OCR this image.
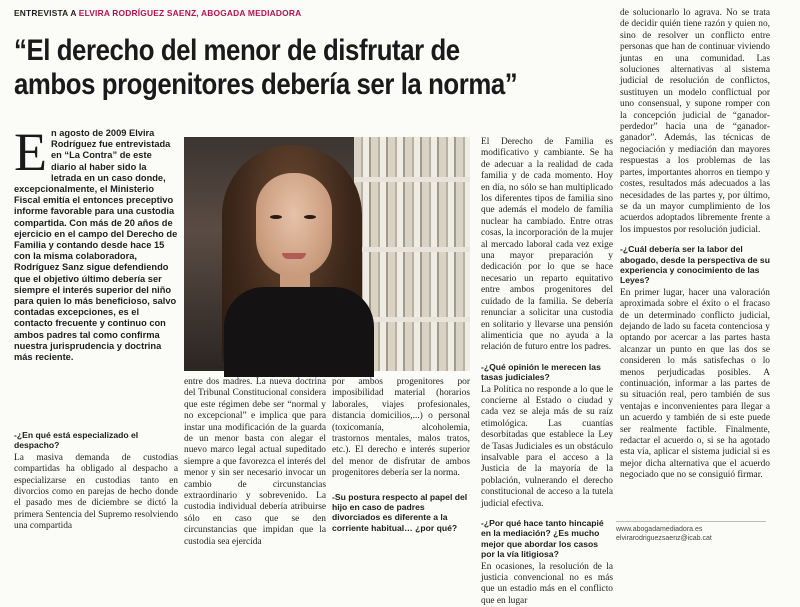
ENTREVISTA A ELVIRA RODRÍGUEZ SAENZ, ABOGADA MEDIADORA
“El derecho del menor de disfrutar de
ambos progenitores debería ser la norma”
En agosto de 2009 Elvira Rodríguez fue entrevistada en “La Contra” de este diario al haber sido la letrada en un caso donde, excepcionalmente, el Ministerio Fiscal emitía el entonces preceptivo informe favorable para una custodia compartida. Con más de 20 años de ejercicio en el campo del Derecho de Familia y contando desde hace 15 con la misma colaboradora, Rodríguez Sanz sigue defendiendo que el objetivo último debería ser siempre el interés superior del niño para quien lo más beneficioso, salvo contadas excepciones, es el contacto frecuente y continuo con ambos padres tal como confirma nuestra jurisprudencia y doctrina más reciente.
-¿En qué está especializado el despacho?
La masiva demanda de custodias compartidas ha obligado al despacho a especializarse en custodias tanto en divorcios como en parejas de hecho donde el pasado mes de diciembre se dictó la primera Sentencia del Supremo resolviendo una compartida
entre dos madres. La nueva doctrina del Tribunal Constitucional considera que este régimen debe ser “normal y no excepcional” e implica que para instar una modificación de la guarda de un menor basta con alegar el nuevo marco legal actual supeditado siempre a que favorezca el interés del menor y sin ser necesario invocar un cambio de circunstancias extraordinario y sobrevenido. La custodia individual debería atribuirse sólo en caso que se den circunstancias que impidan que la custodia sea ejercida
por ambos progenitores por imposibilidad material (horarios laborales, viajes profesionales, distancia domicilios,...) o personal (toxicomanía, alcoholemia, trastornos mentales, malos tratos, etc.). El derecho e interés superior del menor de disfrutar de ambos progenitores debería ser la norma.
-Su postura respecto al papel del hijo en caso de padres divorciados es diferente a la corriente habitual… ¿por qué?
El Derecho de Familia es modificativo y cambiante. Se ha de adecuar a la realidad de cada familia y de cada momento. Hoy en día, no sólo se han multiplicado los diferentes tipos de familia sino que además el modelo de familia nuclear ha cambiado. Entre otras cosas, la incorporación de la mujer al mercado laboral cada vez exige una mayor preparación y dedicación por lo que se hace necesario un reparto equitativo entre ambos progenitores del cuidado de la familia. Se debería renunciar a solicitar una custodia en solitario y llevarse una pensión alimenticia que no ayuda a la relación de futuro entre los padres.
-¿Qué opinión le merecen las tasas judiciales?
La Política no responde a lo que le concierne al Estado o ciudad y cada vez se aleja más de su raíz etimológica. Las cuantías desorbitadas que establece la Ley de Tasas Judiciales es un obstáculo insalvable para el acceso a la Justicia de la mayoría de la población, vulnerando el derecho constitucional de acceso a la tutela judicial efectiva.
-¿Por qué hace tanto hincapié en la mediación? ¿Es mucho mejor que abordar los casos por la vía litigiosa?
En ocasiones, la resolución de la justicia convencional no es más que un estadio más en el conflicto que en lugar
de solucionarlo lo agrava. No se trata de decidir quién tiene razón y quien no, sino de resolver un conflicto entre personas que han de continuar viviendo juntas en una comunidad. Las soluciones alternativas al sistema judicial de resolución de conflictos, sustituyen un modelo conflictual por uno consensual, y supone romper con la concepción judicial de “ganador-perdedor” hacia una de “ganador-ganador”. Además, las técnicas de negociación y mediación dan mayores respuestas a los problemas de las partes, importantes ahorros en tiempo y costes, resultados más adecuados a las necesidades de las partes y, por último, se da un mayor cumplimiento de los acuerdos adoptados libremente frente a los impuestos por resolución judicial.
-¿Cuál debería ser la labor del abogado, desde la perspectiva de su experiencia y conocimiento de las Leyes?
En primer lugar, hacer una valoración aproximada sobre el éxito o el fracaso de un determinado conflicto judicial, dejando de lado su faceta contenciosa y optando por acercar a las partes hasta alcanzar un punto en que las dos se consideren lo más satisfechas o lo menos perjudicadas posibles. A continuación, informar a las partes de su situación real, pero también de sus ventajas e inconvenientes para llegar a un acuerdo y también de si este puede ser realmente factible. Finalmente, redactar el acuerdo o, si se ha agotado esta vía, aplicar el sistema judicial si es mejor dicha alternativa que el acuerdo negociado que no se consiguió firmar.
www.abogadamediadora.es
elvirarodriguezsaenz@icab.cat
